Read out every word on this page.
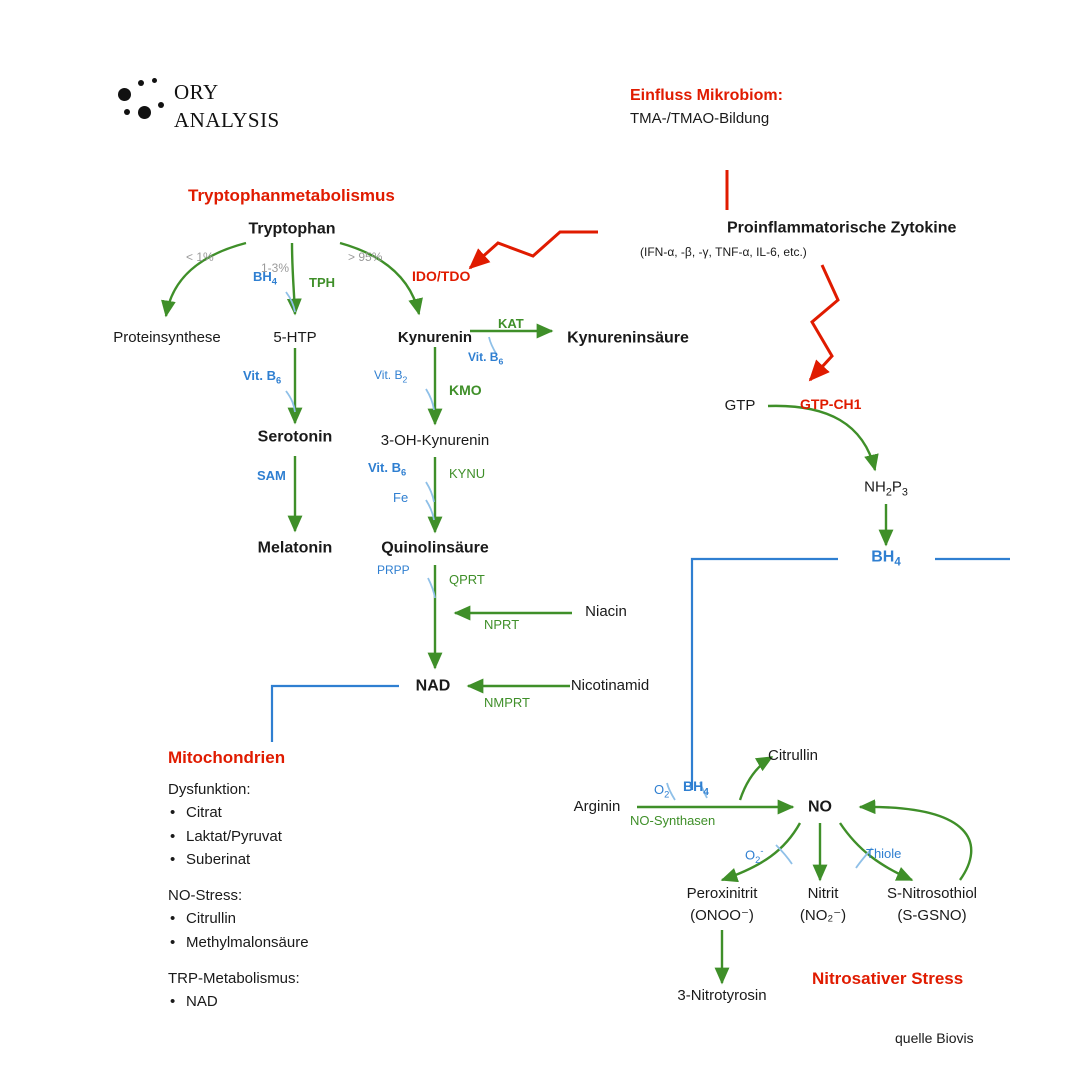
ORY
ANALYSIS
Tryptophanmetabolismus
Einfluss Mikrobiom:
TMA-/TMAO-Bildung
Tryptophan
Proteinsynthese	5-HTP	Kynurenin	Kynureninsäure
Serotonin	3-OH-Kynurenin
Melatonin	Quinolinsäure
Niacin
NAD	Nicotinamid
Proinflammatorische Zytokine
(IFN-α, -β, -γ, TNF-α, IL-6, etc.)
GTP
$NH_2P_3$
$BH_4$
Arginin
Citrullin
NO
Peroxinitrit
(ONOO⁻)
Nitrit
(NO₂⁻)
S-Nitrosothiol
(S-GSNO)
3-Nitrotyrosin
TPH	IDO/TDO
KAT
KMO
KYNU
SAM
QPRT
NPRT
NMPRT
GTP-CH1
NO-Synthasen
$BH_4$
Vit. $B_6$
Vit. $B_6$
Vit. $B_2$
Vit. $B_6$
Fe
PRPP
$O_2$
$BH_4$
$O_2^-$	Thiole
< 1%
1-3%
> 95%
Mitochondrien
Dysfunktion:
• Citrat
• Laktat/Pyruvat
• Suberinat
NO-Stress:
• Citrullin
• Methylmalonsäure
TRP-Metabolismus:
• NAD
Nitrosativer Stress
quelle Biovis
